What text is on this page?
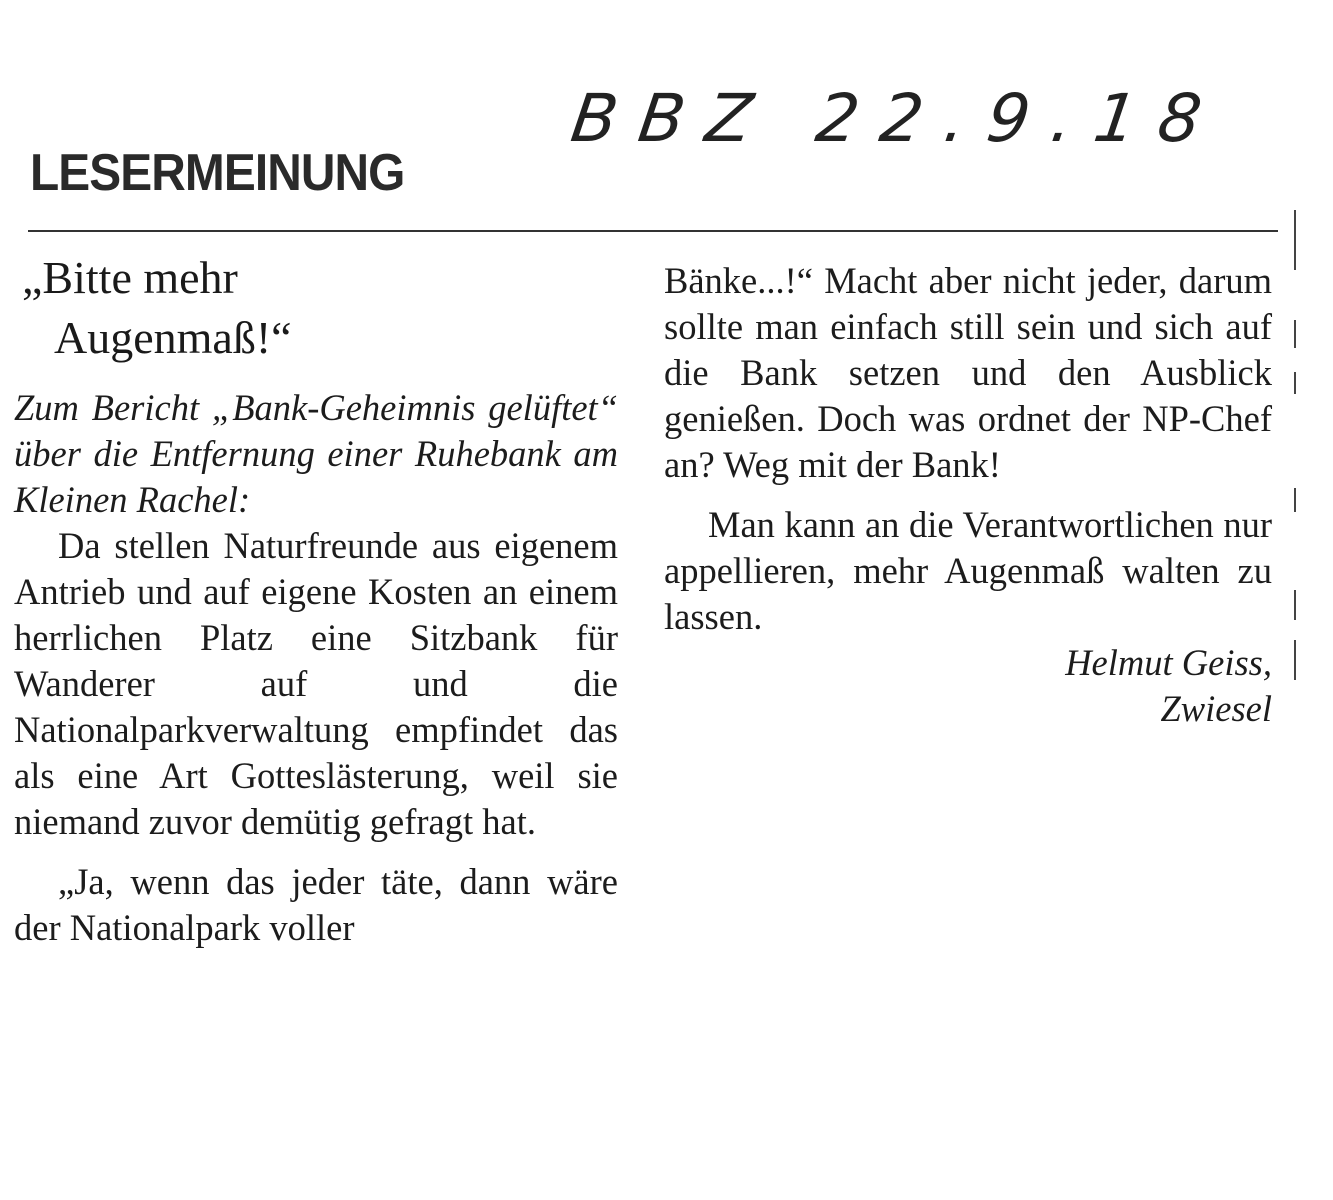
BBZ 22.9.18
LESERMEINUNG
„Bitte mehr
Augenmaß!“

Zum Bericht „Bank-Geheimnis gelüftet“ über die Entfernung einer Ruhebank am Kleinen Rachel:

Da stellen Naturfreunde aus eigenem Antrieb und auf eigene Kosten an einem herrlichen Platz eine Sitzbank für Wanderer auf und die Nationalparkverwaltung empfindet das als eine Art Gotteslästerung, weil sie niemand zuvor demütig gefragt hat.

„Ja, wenn das jeder täte, dann wäre der Nationalpark voller

Bänke...!“ Macht aber nicht jeder, darum sollte man einfach still sein und sich auf die Bank setzen und den Ausblick genießen. Doch was ordnet der NP-Chef an? Weg mit der Bank!

Man kann an die Verantwortlichen nur appellieren, mehr Augenmaß walten zu lassen.

Helmut Geiss,

Zwiesel
